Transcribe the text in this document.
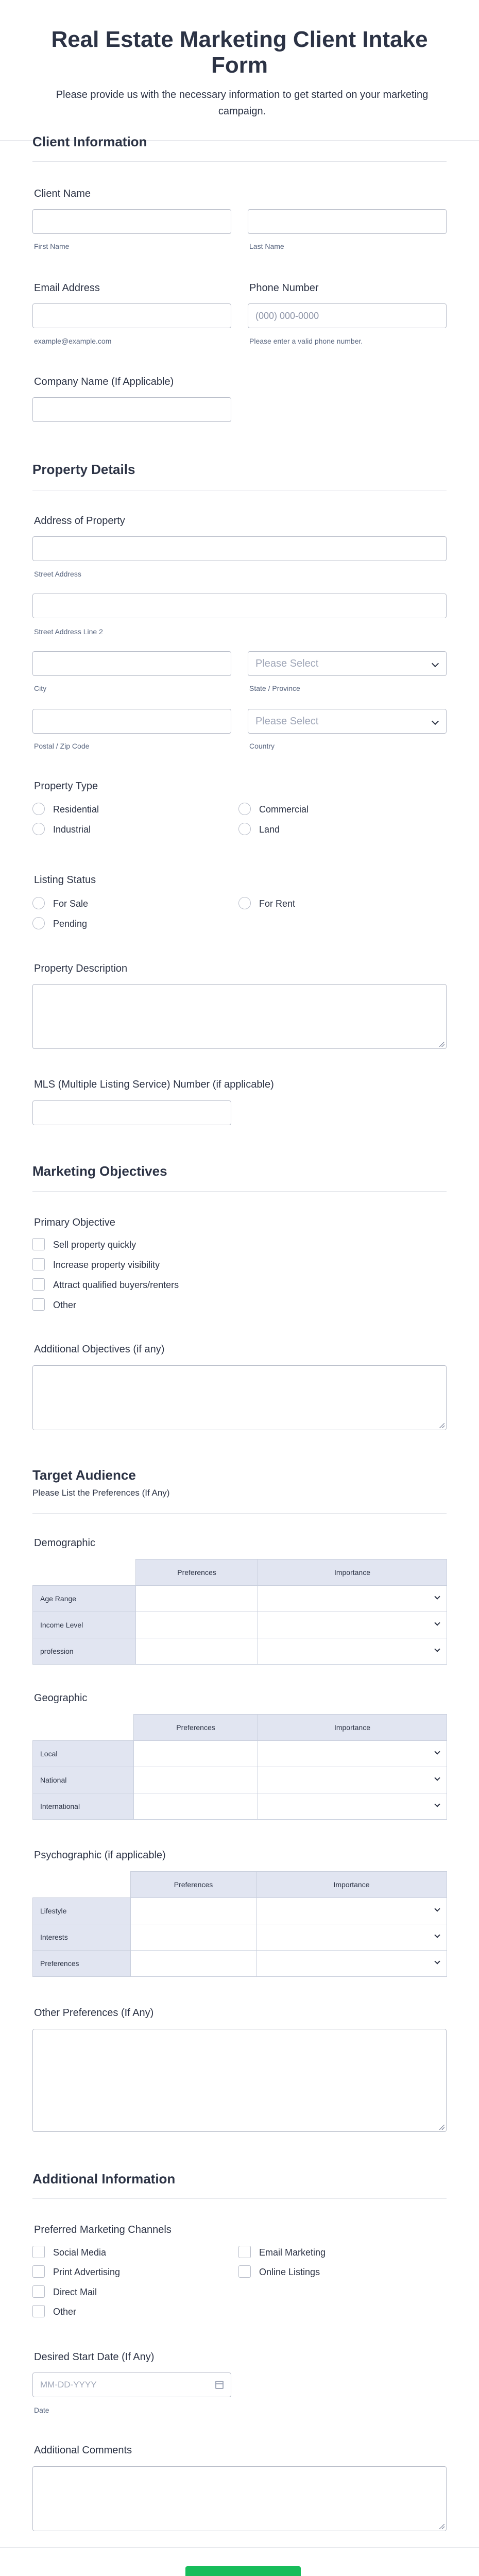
Real Estate Marketing Client Intake Form

Please provide us with the necessary information to get started on your marketing campaign.

Client Information
Client Name
First Name	Last Name
Email Address
example@example.com
Phone Number
(000) 000-0000
Please enter a valid phone number.
Company Name (If Applicable)
Property Details
Address of Property
Street Address
Street Address Line 2
City
Please Select
State / Province
Postal / Zip Code
Please Select
Country
Property Type
Residential	Commercial
Industrial	Land
Listing Status
For Sale	For Rent
Pending
Property Description
MLS (Multiple Listing Service) Number (if applicable)
Marketing Objectives
Primary Objective
Sell property quickly
Increase property visibility
Attract qualified buyers/renters
Other
Additional Objectives (if any)
Target Audience
Please List the Preferences (If Any)
Demographic
	Preferences	Importance
Age Range		

Income Level		

profession		
Geographic
	Preferences	Importance
Local		

National		

International		
Psychographic (if applicable)
	Preferences	Importance
Lifestyle		

Interests		

Preferences		
Other Preferences (If Any)
Additional Information
Preferred Marketing Channels
Social Media	Email Marketing
Print Advertising	Online Listings
Direct Mail
Other
Desired Start Date (If Any)
MM-DD-YYYY
Date
Additional Comments
